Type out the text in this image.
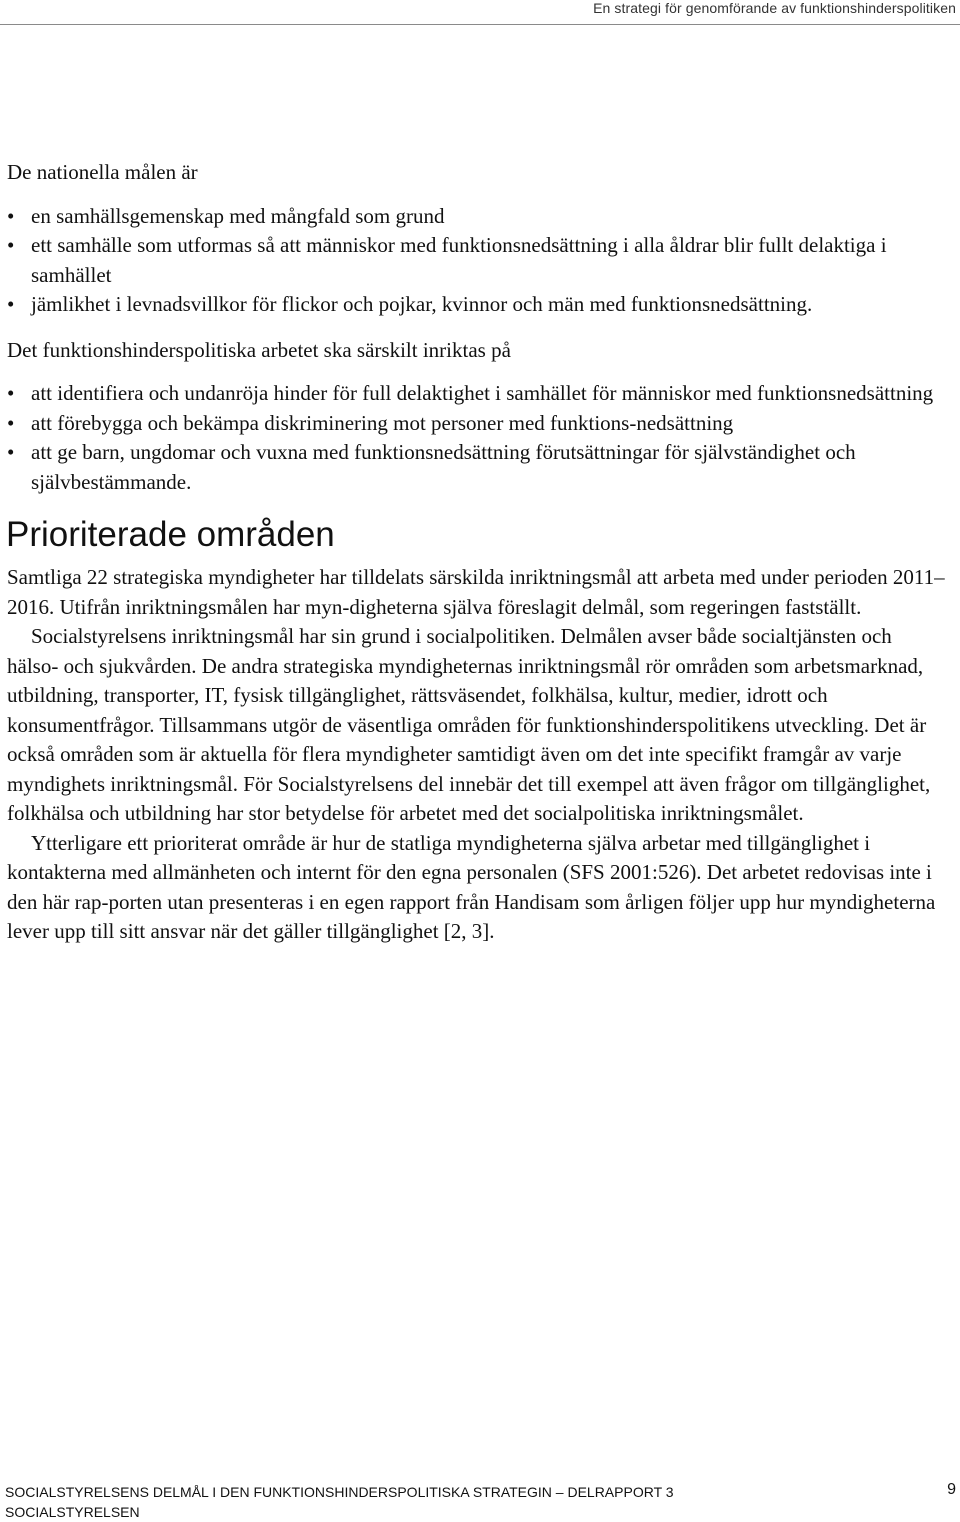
En strategi för genomförande av funktionshinderspolitiken

De nationella målen är

• en samhällsgemenskap med mångfald som grund
• ett samhälle som utformas så att människor med funktionsnedsättning i alla åldrar blir fullt delaktiga i samhället
• jämlikhet i levnadsvillkor för flickor och pojkar, kvinnor och män med funktionsnedsättning.

Det funktionshinderspolitiska arbetet ska särskilt inriktas på

• att identifiera och undanröja hinder för full delaktighet i samhället för människor med funktionsnedsättning
• att förebygga och bekämpa diskriminering mot personer med funktions-nedsättning
• att ge barn, ungdomar och vuxna med funktionsnedsättning förutsättningar för självständighet och självbestämmande.
Prioriterade områden

Samtliga 22 strategiska myndigheter har tilldelats särskilda inriktningsmål att arbeta med under perioden 2011–2016. Utifrån inriktningsmålen har myn-digheterna själva föreslagit delmål, som regeringen fastställt.

Socialstyrelsens inriktningsmål har sin grund i socialpolitiken. Delmålen avser både socialtjänsten och hälso- och sjukvården. De andra strategiska myndigheternas inriktningsmål rör områden som arbetsmarknad, utbildning, transporter, IT, fysisk tillgänglighet, rättsväsendet, folkhälsa, kultur, medier, idrott och konsumentfrågor. Tillsammans utgör de väsentliga områden för funktionshinderspolitikens utveckling. Det är också områden som är aktuella för flera myndigheter samtidigt även om det inte specifikt framgår av varje myndighets inriktningsmål. För Socialstyrelsens del innebär det till exempel att även frågor om tillgänglighet, folkhälsa och utbildning har stor betydelse för arbetet med det socialpolitiska inriktningsmålet.

Ytterligare ett prioriterat område är hur de statliga myndigheterna själva arbetar med tillgänglighet i kontakterna med allmänheten och internt för den egna personalen (SFS 2001:526). Det arbetet redovisas inte i den här rap-porten utan presenteras i en egen rapport från Handisam som årligen följer upp hur myndigheterna lever upp till sitt ansvar när det gäller tillgänglighet [2, 3].

SOCIALSTYRELSENS DELMÅL I DEN FUNKTIONSHINDERSPOLITISKA STRATEGIN – DELRAPPORT 3
SOCIALSTYRELSEN
9
